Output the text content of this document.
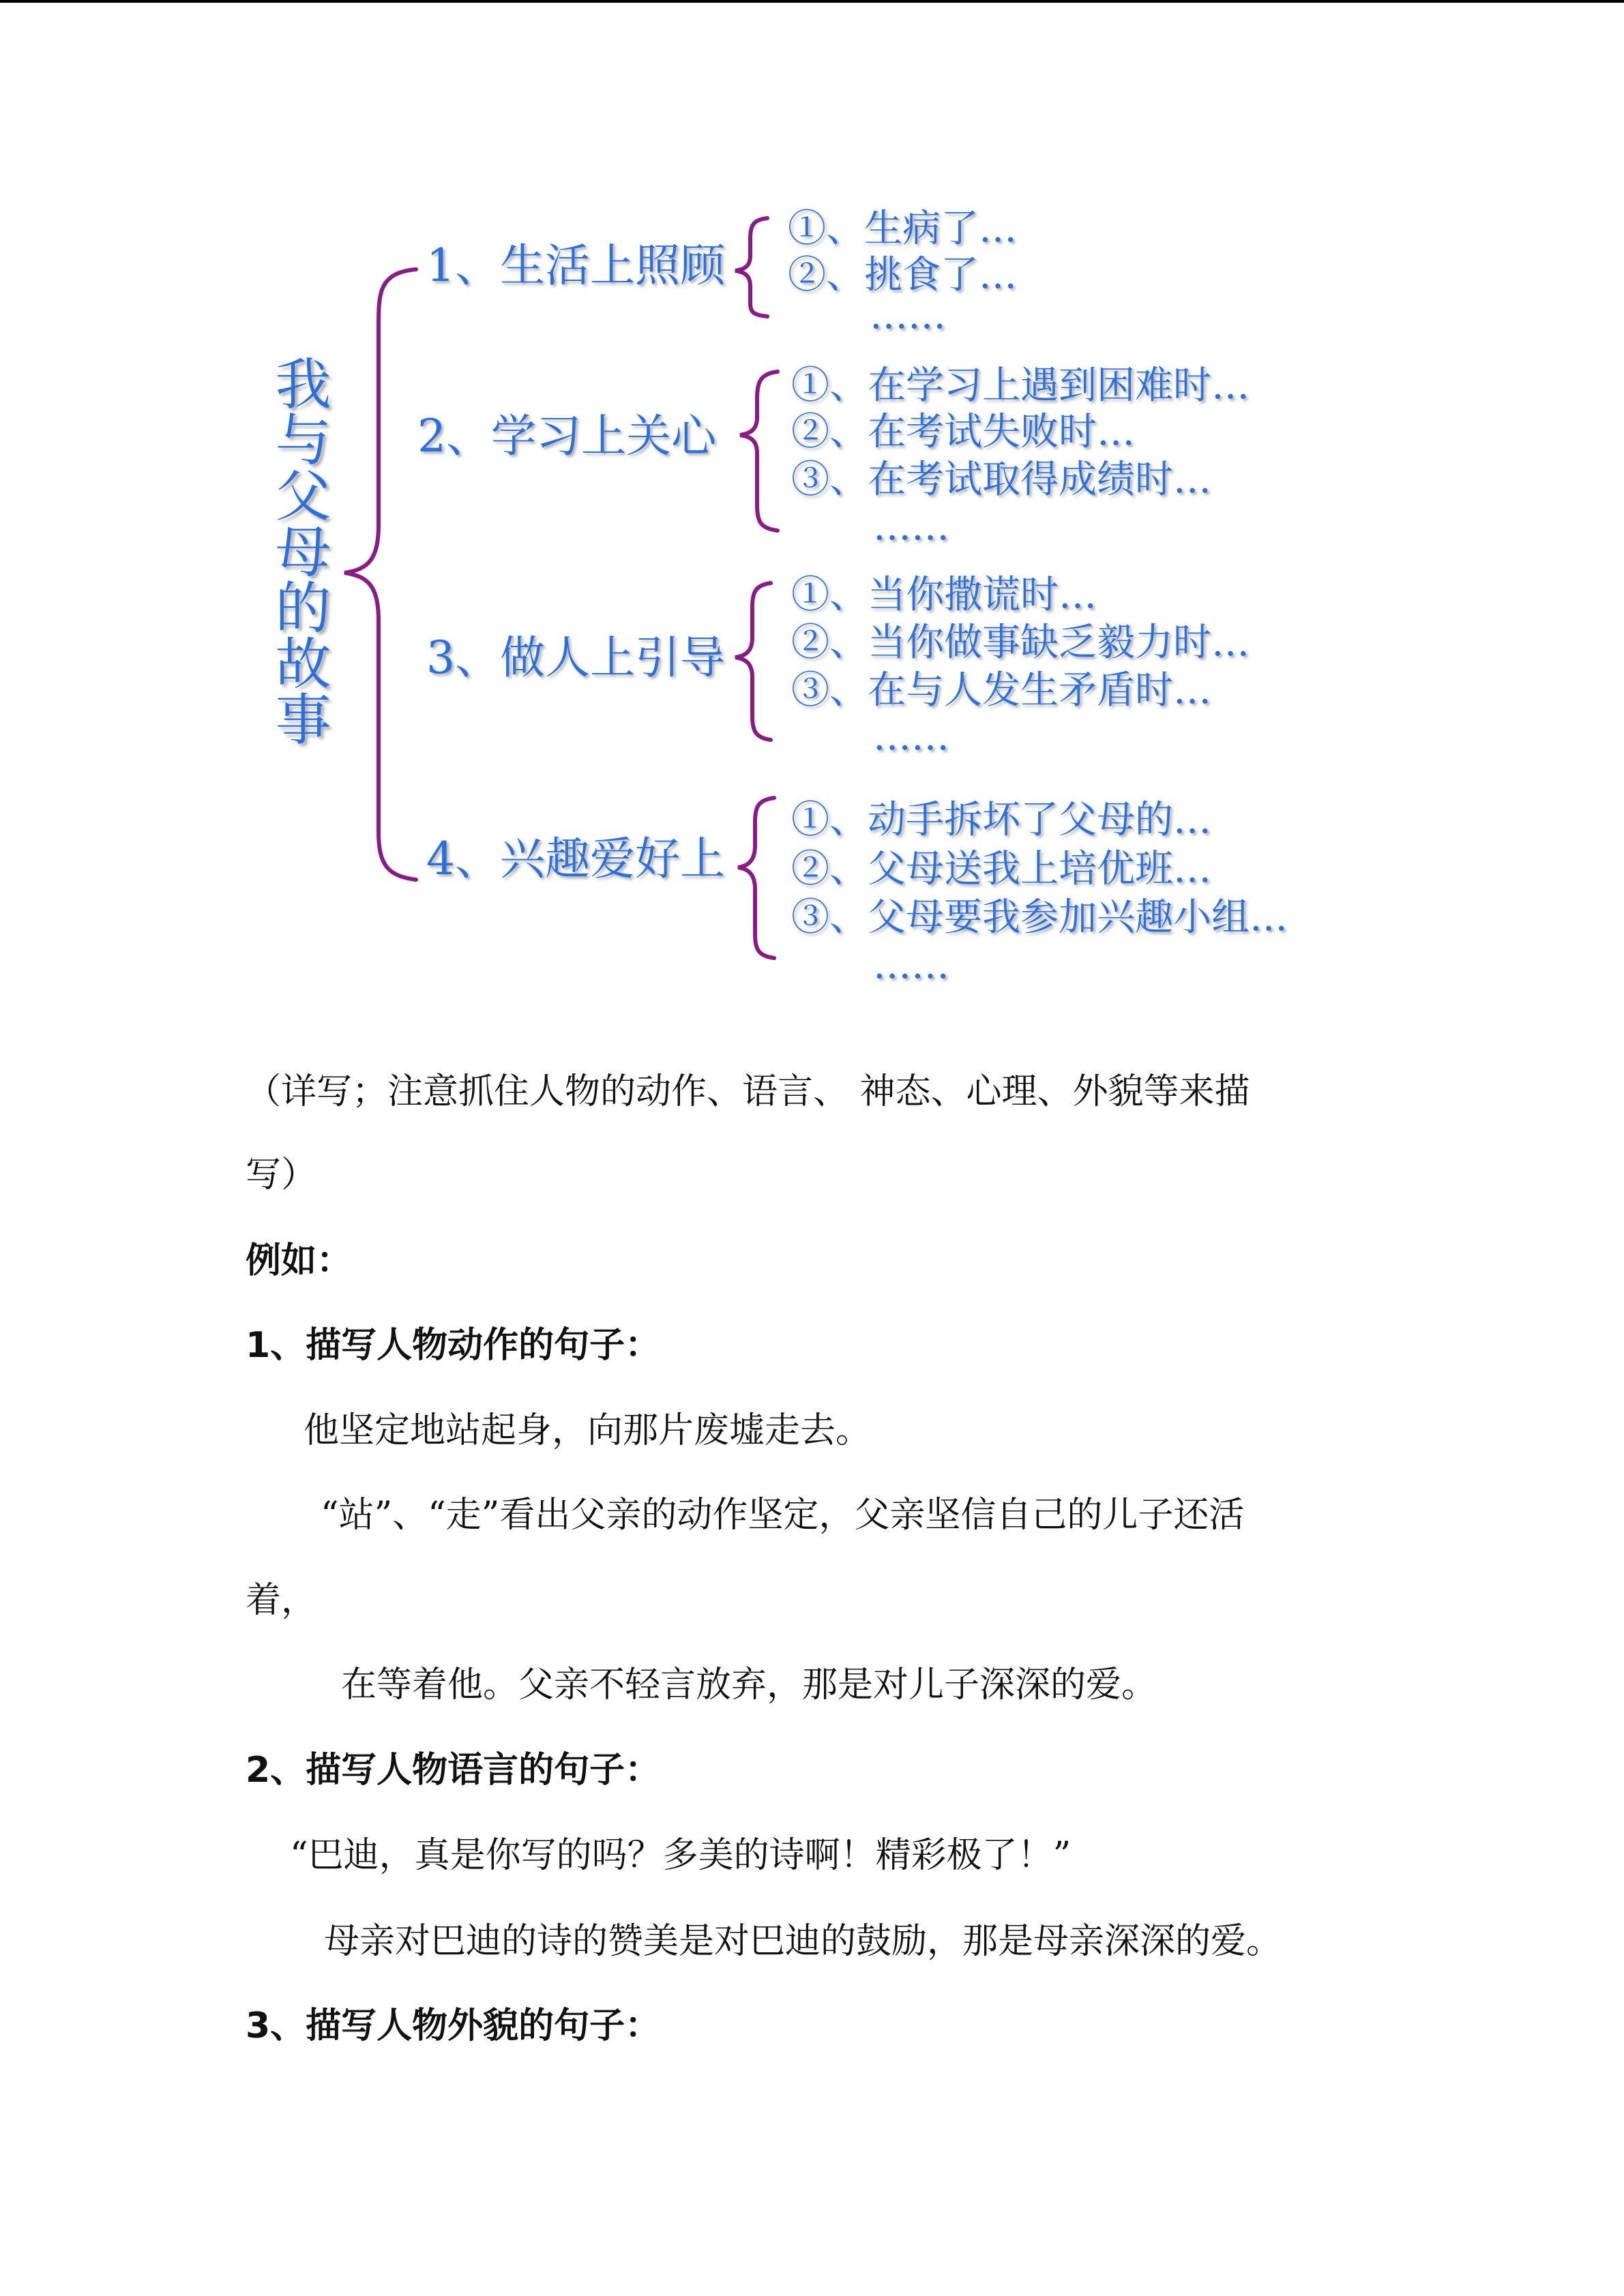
我与父母的故事
1、生活上照顾
①、生病了…
②、挑食了…
……
2、学习上关心
①、在学习上遇到困难时…
②、在考试失败时…
③、在考试取得成绩时…
……
3、做人上引导
①、当你撒谎时…
②、当你做事缺乏毅力时…
③、在与人发生矛盾时…
……
4、兴趣爱好上
①、动手拆坏了父母的…
②、父母送我上培优班…
③、父母要我参加兴趣小组…
……
（详写；注意抓住人物的动作、语言、 神态、心理、外貌等来描
写）
例如：
1、描写人物动作的句子：
他坚定地站起身，向那片废墟走去。
“站”、“走”看出父亲的动作坚定，父亲坚信自己的儿子还活
着，
在等着他。父亲不轻言放弃，那是对儿子深深的爱。
2、描写人物语言的句子：
“巴迪，真是你写的吗？多美的诗啊！精彩极了！”
母亲对巴迪的诗的赞美是对巴迪的鼓励，那是母亲深深的爱。
3、描写人物外貌的句子：
